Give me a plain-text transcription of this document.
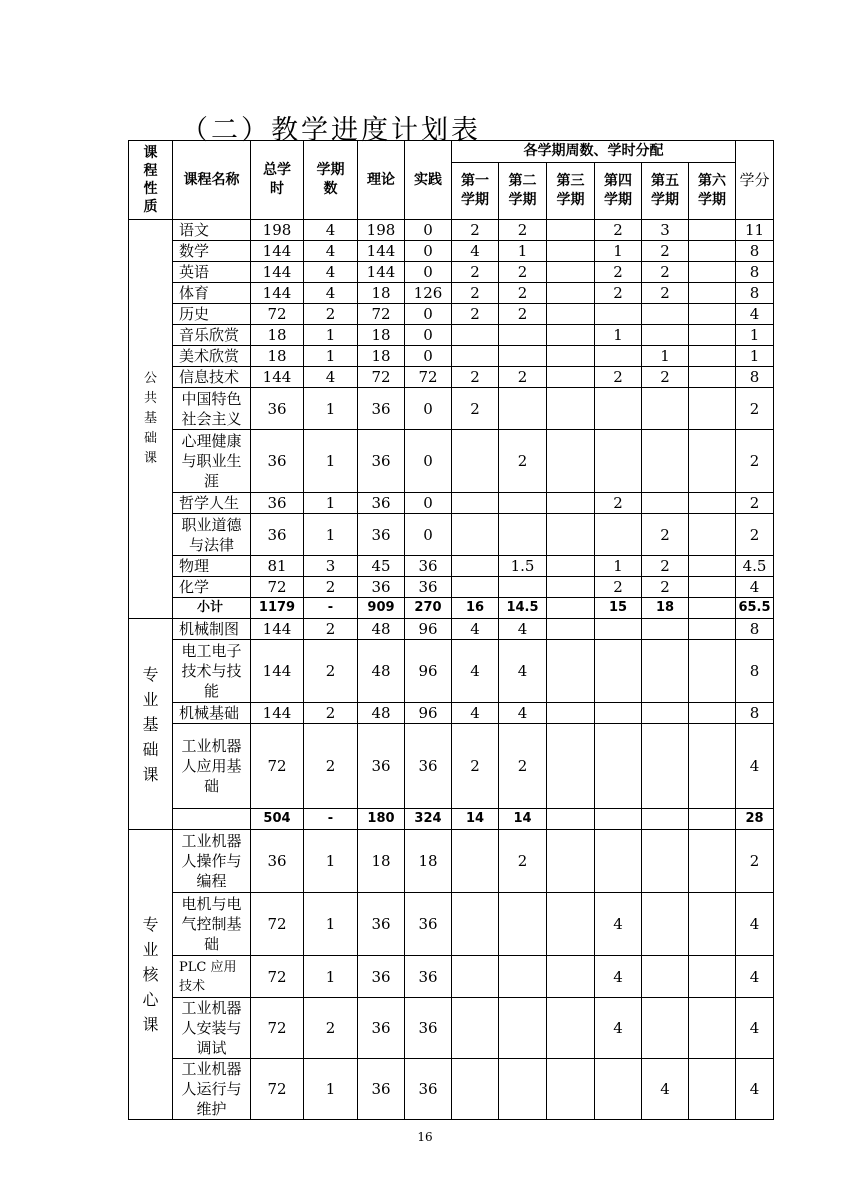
（二）教学进度计划表
课程性质	课程名称	总学时	学期数	理论	实践	各学期周数、学时分配						学分
						第一学期	第二学期	第三学期	第四学期	第五学期	第六学期	
公共基础课	语文	198	4	198	0	2	2		2	3		11
	数学	144	4	144	0	4	1		1	2		8
	英语	144	4	144	0	2	2		2	2		8
	体育	144	4	18	126	2	2		2	2		8
	历史	72	2	72	0	2	2					4
	音乐欣赏	18	1	18	0				1			1
	美术欣赏	18	1	18	0					1		1
	信息技术	144	4	72	72	2	2		2	2		8
	中国特色社会主义	36	1	36	0	2						2
	心理健康与职业生涯	36	1	36	0		2					2
	哲学人生	36	1	36	0				2			2
	职业道德与法律	36	1	36	0					2		2
	物理	81	3	45	36		1.5		1	2		4.5
	化学	72	2	36	36				2	2		4
	小计	1179	-	909	270	16	14.5		15	18		65.5
专业基础课	机械制图	144	2	48	96	4	4					8
	电工电子技术与技能	144	2	48	96	4	4					8
	机械基础	144	2	48	96	4	4					8
	工业机器人应用基础	72	2	36	36	2	2					4
		504	-	180	324	14	14					28
专业核心课	工业机器人操作与编程	36	1	18	18		2					2
	电机与电气控制基础	72	1	36	36				4			4
	PLC 应用技术	72	1	36	36				4			4
	工业机器人安装与调试	72	2	36	36				4			4
	工业机器人运行与维护	72	1	36	36					4		4
16
